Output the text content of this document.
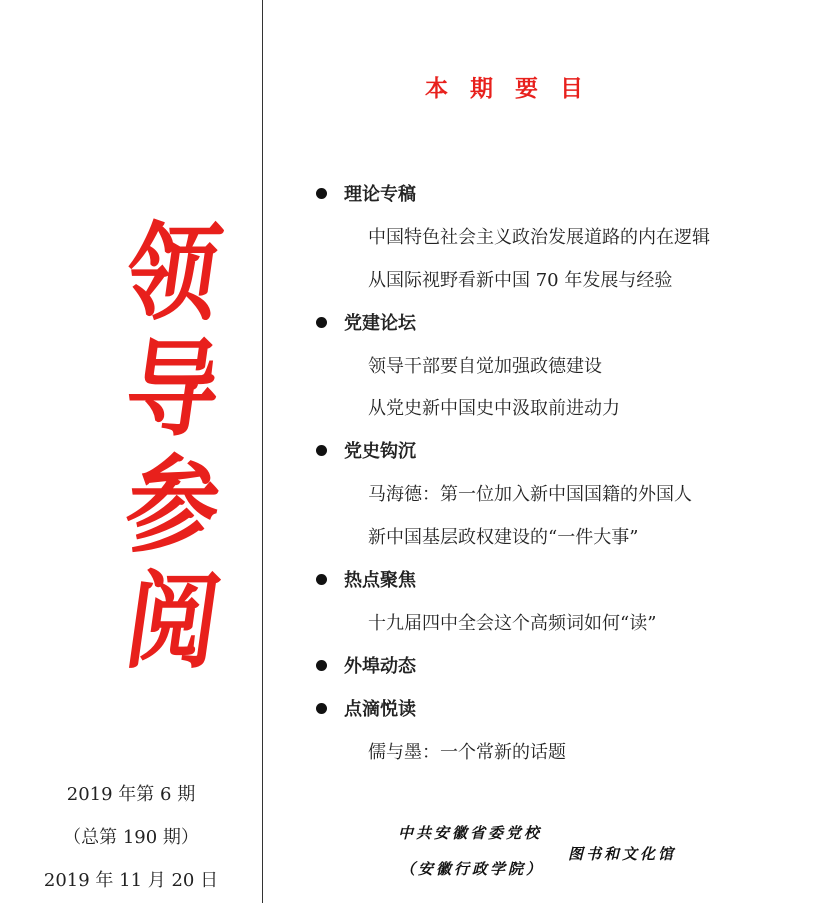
领
导
参
阅
2019 年第 6 期
（总第 190 期）
2019 年 11 月 20 日
本期要目
理论专稿
中国特色社会主义政治发展道路的内在逻辑
从国际视野看新中国 70 年发展与经验
党建论坛
领导干部要自觉加强政德建设
从党史新中国史中汲取前进动力
党史钩沉
马海德：第一位加入新中国国籍的外国人
新中国基层政权建设的“一件大事”
热点聚焦
十九届四中全会这个高频词如何“读”
外埠动态
点滴悦读
儒与墨：一个常新的话题
中共安徽省委党校
（安徽行政学院）
图书和文化馆
